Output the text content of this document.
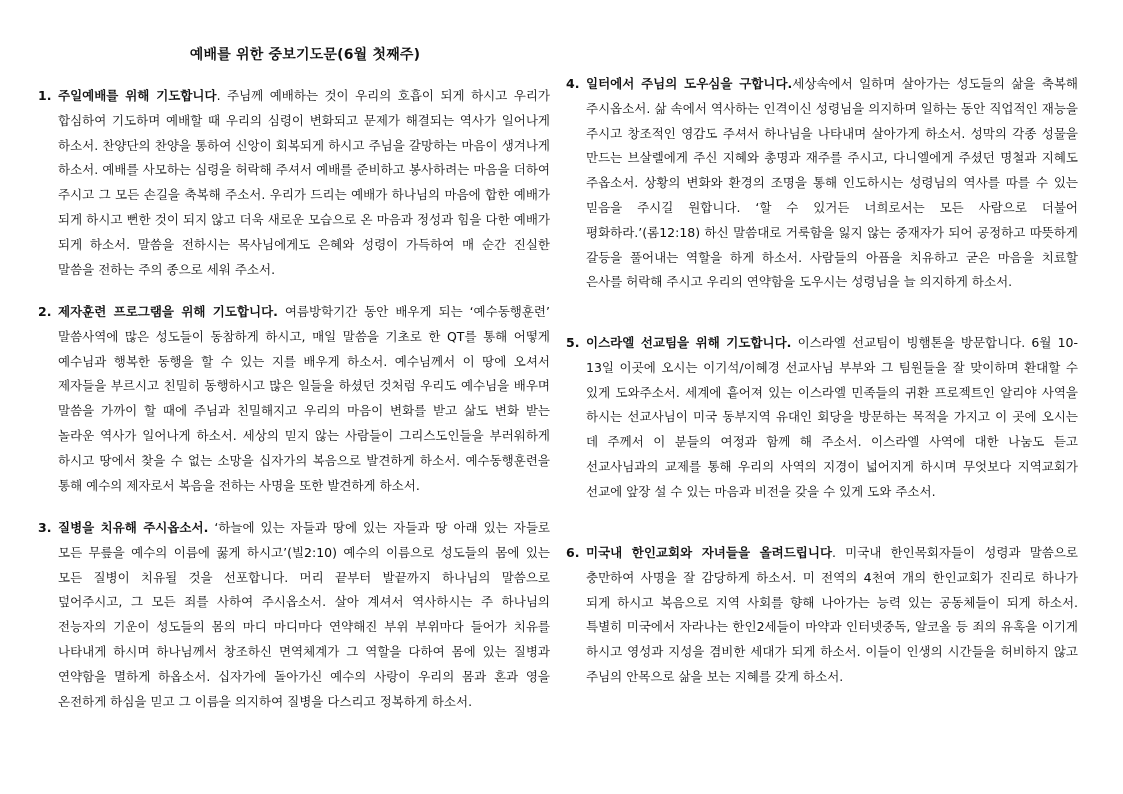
예배를 위한 중보기도문(6월 첫째주)
1. 주일예배를 위해 기도합니다. 주님께 예배하는 것이 우리의 호흡이 되게 하시고 우리가 합심하여 기도하며 예배할 때 우리의 심령이 변화되고 문제가 해결되는 역사가 일어나게 하소서. 찬양단의 찬양을 통하여 신앙이 회복되게 하시고 주님을 갈망하는 마음이 생겨나게 하소서. 예배를 사모하는 심령을 허락해 주셔서 예배를 준비하고 봉사하려는 마음을 더하여 주시고 그 모든 손길을 축복해 주소서. 우리가 드리는 예배가 하나님의 마음에 합한 예배가 되게 하시고 뻔한 것이 되지 않고 더욱 새로운 모습으로 온 마음과 정성과 힘을 다한 예배가 되게 하소서. 말씀을 전하시는 목사님에게도 은혜와 성령이 가득하여 매 순간 진실한 말씀을 전하는 주의 종으로 세워 주소서.
2. 제자훈련 프로그램을 위해 기도합니다. 여름방학기간 동안 배우게 되는 ‘예수동행훈련’ 말씀사역에 많은 성도들이 동참하게 하시고, 매일 말씀을 기초로 한 QT를 통해 어떻게 예수님과 행복한 동행을 할 수 있는 지를 배우게 하소서. 예수님께서 이 땅에 오셔서 제자들을 부르시고 친밀히 동행하시고 많은 일들을 하셨던 것처럼 우리도 예수님을 배우며 말씀을 가까이 할 때에 주님과 친밀해지고 우리의 마음이 변화를 받고 삶도 변화 받는 놀라운 역사가 일어나게 하소서. 세상의 믿지 않는 사람들이 그리스도인들을 부러워하게 하시고 땅에서 찾을 수 없는 소망을 십자가의 복음으로 발견하게 하소서. 예수동행훈련을 통해 예수의 제자로서 복음을 전하는 사명을 또한 발견하게 하소서.
3. 질병을 치유해 주시옵소서. ‘하늘에 있는 자들과 땅에 있는 자들과 땅 아래 있는 자들로 모든 무릎을 예수의 이름에 꿇게 하시고’(빌2:10) 예수의 이름으로 성도들의 몸에 있는 모든 질병이 치유될 것을 선포합니다. 머리 끝부터 발끝까지 하나님의 말씀으로 덮어주시고, 그 모든 죄를 사하여 주시옵소서. 살아 계셔서 역사하시는 주 하나님의 전능자의 기운이 성도들의 몸의 마디 마디마다 연약해진 부위 부위마다 들어가 치유를 나타내게 하시며 하나님께서 창조하신 면역체계가 그 역할을 다하여 몸에 있는 질병과 연약함을 멸하게 하옵소서. 십자가에 돌아가신 예수의 사랑이 우리의 몸과 혼과 영을 온전하게 하심을 믿고 그 이름을 의지하여 질병을 다스리고 정복하게 하소서.
4. 일터에서 주님의 도우심을 구합니다.세상속에서 일하며 살아가는 성도들의 삶을 축복해 주시옵소서. 삶 속에서 역사하는 인격이신 성령님을 의지하며 일하는 동안 직업적인 재능을 주시고 창조적인 영감도 주셔서 하나님을 나타내며 살아가게 하소서. 성막의 각종 성물을 만드는 브살렐에게 주신 지혜와 총명과 재주를 주시고, 다니엘에게 주셨던 명철과 지혜도 주옵소서. 상황의 변화와 환경의 조명을 통해 인도하시는 성령님의 역사를 따를 수 있는 믿음을 주시길 원합니다. ‘할 수 있거든 너희로서는 모든 사람으로 더불어 평화하라.’(롬12:18) 하신 말씀대로 거룩함을 잃지 않는 중재자가 되어 공정하고 따뜻하게 갈등을 풀어내는 역할을 하게 하소서. 사람들의 아픔을 치유하고 굳은 마음을 치료할 은사를 허락해 주시고 우리의 연약함을 도우시는 성령님을 늘 의지하게 하소서.
5. 이스라엘 선교팀을 위해 기도합니다. 이스라엘 선교팀이 빙햄톤을 방문합니다. 6월 10-13일 이곳에 오시는 이기석/이혜경 선교사님 부부와 그 팀원들을 잘 맞이하며 환대할 수 있게 도와주소서. 세계에 흩어져 있는 이스라엘 민족들의 귀환 프로젝트인 알리야 사역을 하시는 선교사님이 미국 동부지역 유대인 회당을 방문하는 목적을 가지고 이 곳에 오시는 데 주께서 이 분들의 여정과 함께 해 주소서. 이스라엘 사역에 대한 나눔도 듣고 선교사님과의 교제를 통해 우리의 사역의 지경이 넓어지게 하시며 무엇보다 지역교회가 선교에 앞장 설 수 있는 마음과 비전을 갖을 수 있게 도와 주소서.
6. 미국내 한인교회와 자녀들을 올려드립니다. 미국내 한인목회자들이 성령과 말씀으로 충만하여 사명을 잘 감당하게 하소서. 미 전역의 4천여 개의 한인교회가 진리로 하나가 되게 하시고 복음으로 지역 사회를 향해 나아가는 능력 있는 공동체들이 되게 하소서. 특별히 미국에서 자라나는 한인2세들이 마약과 인터넷중독, 알코올 등 죄의 유혹을 이기게 하시고 영성과 지성을 겸비한 세대가 되게 하소서. 이들이 인생의 시간들을 허비하지 않고 주님의 안목으로 삶을 보는 지혜를 갖게 하소서.
